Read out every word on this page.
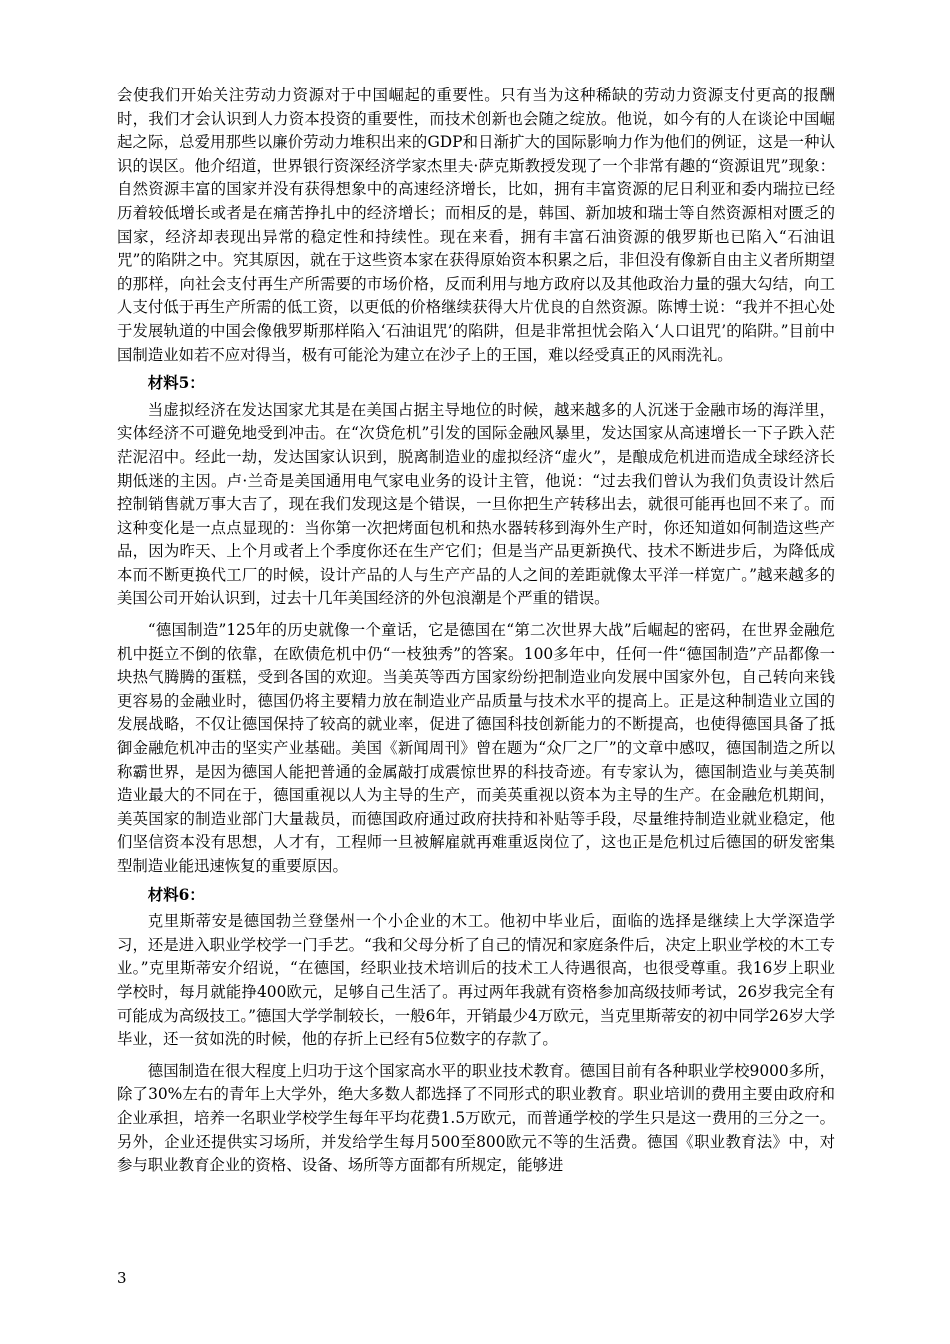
会使我们开始关注劳动力资源对于中国崛起的重要性。只有当为这种稀缺的劳动力资源支付更高的报酬时，我们才会认识到人力资本投资的重要性，而技术创新也会随之绽放。他说，如今有的人在谈论中国崛起之际，总爱用那些以廉价劳动力堆积出来的GDP和日渐扩大的国际影响力作为他们的例证，这是一种认识的误区。他介绍道，世界银行资深经济学家杰里夫·萨克斯教授发现了一个非常有趣的“资源诅咒”现象：自然资源丰富的国家并没有获得想象中的高速经济增长，比如，拥有丰富资源的尼日利亚和委内瑞拉已经历着较低增长或者是在痛苦挣扎中的经济增长；而相反的是，韩国、新加坡和瑞士等自然资源相对匮乏的国家，经济却表现出异常的稳定性和持续性。现在来看，拥有丰富石油资源的俄罗斯也已陷入“石油诅咒”的陷阱之中。究其原因，就在于这些资本家在获得原始资本积累之后，非但没有像新自由主义者所期望的那样，向社会支付再生产所需要的市场价格，反而利用与地方政府以及其他政治力量的强大勾结，向工人支付低于再生产所需的低工资，以更低的价格继续获得大片优良的自然资源。陈博士说：“我并不担心处于发展轨道的中国会像俄罗斯那样陷入‘石油诅咒’的陷阱，但是非常担忧会陷入‘人口诅咒’的陷阱。”目前中国制造业如若不应对得当，极有可能沦为建立在沙子上的王国，难以经受真正的风雨洗礼。

材料5：

当虚拟经济在发达国家尤其是在美国占据主导地位的时候，越来越多的人沉迷于金融市场的海洋里，实体经济不可避免地受到冲击。在“次贷危机”引发的国际金融风暴里，发达国家从高速增长一下子跌入茫茫泥沼中。经此一劫，发达国家认识到，脱离制造业的虚拟经济“虚火”，是酿成危机进而造成全球经济长期低迷的主因。卢·兰奇是美国通用电气家电业务的设计主管，他说：“过去我们曾认为我们负责设计然后控制销售就万事大吉了，现在我们发现这是个错误，一旦你把生产转移出去，就很可能再也回不来了。而这种变化是一点点显现的：当你第一次把烤面包机和热水器转移到海外生产时，你还知道如何制造这些产品，因为昨天、上个月或者上个季度你还在生产它们；但是当产品更新换代、技术不断进步后，为降低成本而不断更换代工厂的时候，设计产品的人与生产产品的人之间的差距就像太平洋一样宽广。”越来越多的美国公司开始认识到，过去十几年美国经济的外包浪潮是个严重的错误。

“德国制造”125年的历史就像一个童话，它是德国在“第二次世界大战”后崛起的密码，在世界金融危机中挺立不倒的依靠，在欧债危机中仍“一枝独秀”的答案。100多年中，任何一件“德国制造”产品都像一块热气腾腾的蛋糕，受到各国的欢迎。当美英等西方国家纷纷把制造业向发展中国家外包，自己转向来钱更容易的金融业时，德国仍将主要精力放在制造业产品质量与技术水平的提高上。正是这种制造业立国的发展战略，不仅让德国保持了较高的就业率，促进了德国科技创新能力的不断提高，也使得德国具备了抵御金融危机冲击的坚实产业基础。美国《新闻周刊》曾在题为“众厂之厂”的文章中感叹，德国制造之所以称霸世界，是因为德国人能把普通的金属敲打成震惊世界的科技奇迹。有专家认为，德国制造业与美英制造业最大的不同在于，德国重视以人为主导的生产，而美英重视以资本为主导的生产。在金融危机期间，美英国家的制造业部门大量裁员，而德国政府通过政府扶持和补贴等手段，尽量维持制造业就业稳定，他们坚信资本没有思想，人才有，工程师一旦被解雇就再难重返岗位了，这也正是危机过后德国的研发密集型制造业能迅速恢复的重要原因。

材料6：

克里斯蒂安是德国勃兰登堡州一个小企业的木工。他初中毕业后，面临的选择是继续上大学深造学习，还是进入职业学校学一门手艺。“我和父母分析了自己的情况和家庭条件后，决定上职业学校的木工专业。”克里斯蒂安介绍说，“在德国，经职业技术培训后的技术工人待遇很高，也很受尊重。我16岁上职业学校时，每月就能挣400欧元，足够自己生活了。再过两年我就有资格参加高级技师考试，26岁我完全有可能成为高级技工。”德国大学学制较长，一般6年，开销最少4万欧元，当克里斯蒂安的初中同学26岁大学毕业，还一贫如洗的时候，他的存折上已经有5位数字的存款了。

德国制造在很大程度上归功于这个国家高水平的职业技术教育。德国目前有各种职业学校9000多所，除了30%左右的青年上大学外，绝大多数人都选择了不同形式的职业教育。职业培训的费用主要由政府和企业承担，培养一名职业学校学生每年平均花费1.5万欧元，而普通学校的学生只是这一费用的三分之一。另外，企业还提供实习场所，并发给学生每月500至800欧元不等的生活费。德国《职业教育法》中，对参与职业教育企业的资格、设备、场所等方面都有所规定，能够进

3
